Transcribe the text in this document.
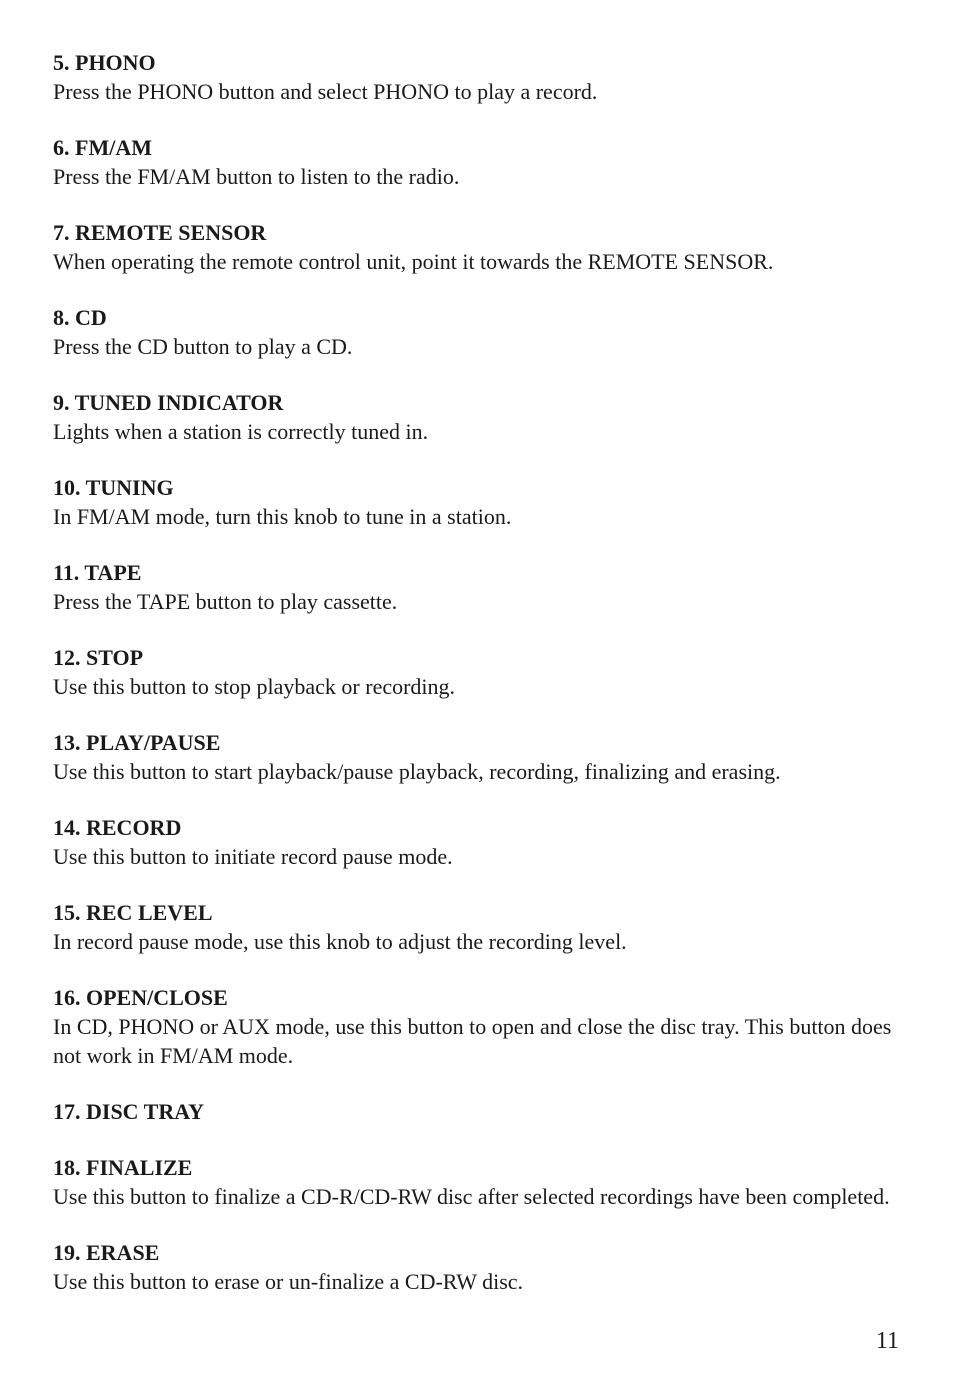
5. PHONO

Press the PHONO button and select PHONO to play a record.

6. FM/AM

Press the FM/AM button to listen to the radio.

7. REMOTE SENSOR

When operating the remote control unit, point it towards the REMOTE SENSOR.

8. CD

Press the CD button to play a CD.

9. TUNED INDICATOR

Lights when a station is correctly tuned in.

10. TUNING

In FM/AM mode, turn this knob to tune in a station.

11. TAPE

Press the TAPE button to play cassette.

12. STOP

Use this button to stop playback or recording.

13. PLAY/PAUSE

Use this button to start playback/pause playback, recording, finalizing and erasing.

14. RECORD

Use this button to initiate record pause mode.

15. REC LEVEL

In record pause mode, use this knob to adjust the recording level.

16. OPEN/CLOSE

In CD, PHONO or AUX mode, use this button to open and close the disc tray. This button does not work in FM/AM mode.

17. DISC TRAY

18. FINALIZE

Use this button to finalize a CD-R/CD-RW disc after selected recordings have been completed.

19. ERASE

Use this button to erase or un-finalize a CD-RW disc.

11
